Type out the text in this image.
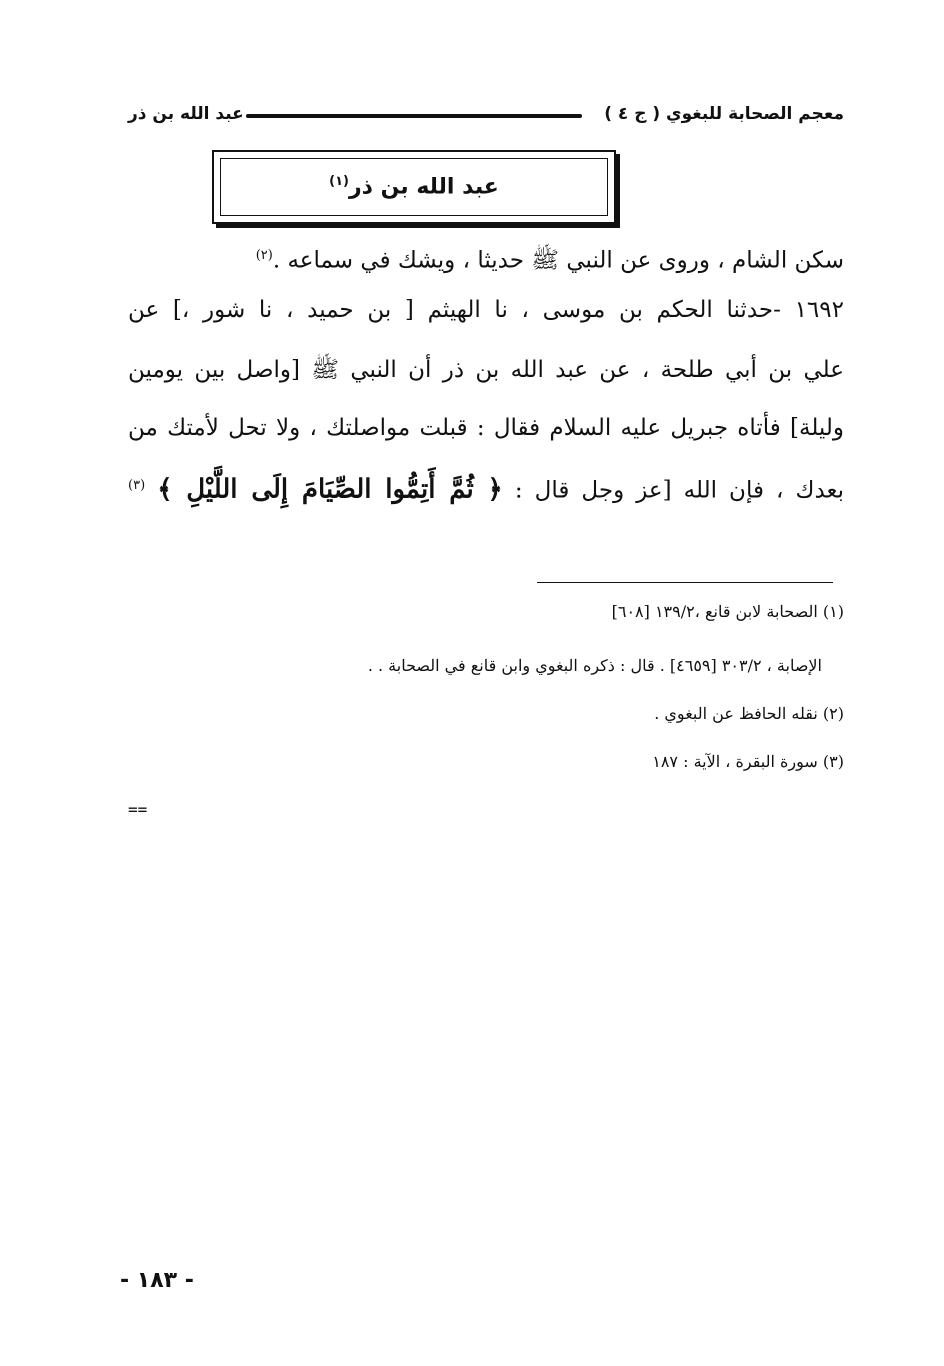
معجم الصحابة للبغوي ( ج ٤ )
عبد الله بن ذر
عبد الله بن ذر$^{(١)}$
سكن الشام ، وروى عن النبي ﷺ حديثا ، ويشك في سماعه .$^{(٢)}$
١٦٩٢ -حدثنا الحكم بن موسى ، نا الهيثم [ بن حميد ، نا شور ،] عن
علي بن أبي طلحة ، عن عبد الله بن ذر أن النبي ﷺ [واصل بين يومين
وليلة] فأتاه جبريل عليه السلام فقال : قبلت مواصلتك ، ولا تحل لأمتك من
بعدك ، فإن الله [عز وجل قال : ﴿ ثُمَّ أَتِمُّوا الصِّيَامَ إِلَى اللَّيْلِ ﴾ $^{(٣)}$
(١) الصحابة لابن قانع ،١٣٩/٢ [٦٠٨]
الإصابة ، ٣٠٣/٢ [٤٦٥٩] . قال : ذكره البغوي وابن قانع في الصحابة . .
(٢) نقله الحافظ عن البغوي .
(٣) سورة البقرة ، الآية : ١٨٧
==
- ١٨٣ -
